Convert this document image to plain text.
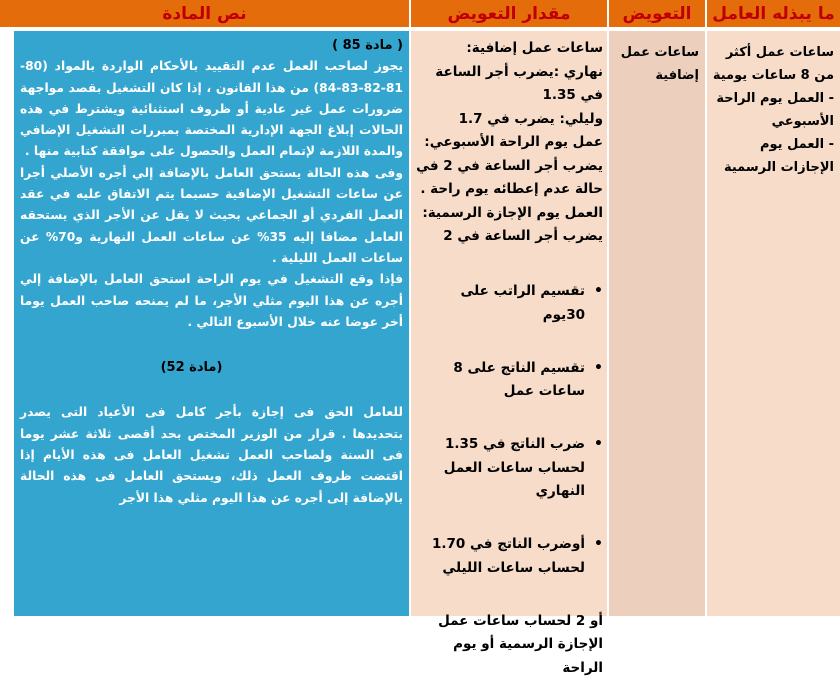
ما يبذله العامل
التعويض
مقدار التعويض
نص المادة
ساعات عمل أكثر من 8 ساعات يومية
- العمل يوم الراحة الأسبوعي
- العمل يوم الإجازات الرسمية
ساعات عمل إضافية
ساعات عمل إضافية:
نهاري :يضرب أجر الساعة في 1.35
وليلي: يضرب في 1.7
عمل يوم الراحة الأسبوعي:
يضرب أجر الساعة في 2 في حالة عدم إعطائه يوم راحة .
العمل يوم الإجازة الرسمية:
يضرب أجر الساعة في 2

• تقسيم الراتب على 30يوم

• تقسيم الناتج على 8 ساعات عمل

• ضرب الناتج في 1.35 لحساب ساعات العمل النهاري

• أوضرب الناتج في 1.70 لحساب ساعات الليلي

أو 2 لحساب ساعات عمل الإجازة الرسمية أو يوم الراحة

( مادة 85 )

يجوز لصاحب العمل عدم التقييد بالأحكام الواردة بالمواد (80-81-82-83-84) من هذا القانون ، إذا كان التشغيل بقصد مواجهة ضرورات عمل غير عادية أو ظروف استثنائية ويشترط في هذه الحالات إبلاغ الجهة الإدارية المختصة بمبررات التشغيل الإضافي والمدة اللازمة لإتمام العمل والحصول على موافقة كتابية منها .

وفى هذه الحالة يستحق العامل بالإضافة إلي أجره الأصلي أجرا عن ساعات التشغيل الإضافية حسبما يتم الاتفاق عليه في عقد العمل الفردي أو الجماعي بحيث لا يقل عن الأجر الذي يستحقه العامل مضافا إليه 35% عن ساعات العمل النهارية و70% عن ساعات العمل الليلية .

فإذا وقع التشغيل في يوم الراحة استحق العامل بالإضافة إلي أجره عن هذا اليوم مثلي الأجر، ما لم يمنحه صاحب العمل يوما أخر عوضا عنه خلال الأسبوع التالي .

(مادة 52)

للعامل الحق فى إجازة بأجر كامل فى الأعياد التى يصدر بتحديدها . قرار من الوزير المختص بحد أقصى ثلاثة عشر يوما فى السنة ولصاحب العمل تشغيل العامل فى هذه الأيام إذا اقتضت ظروف العمل ذلك، ويستحق العامل فى هذه الحالة بالإضافة إلى أجره عن هذا اليوم مثلي هذا الأجر
